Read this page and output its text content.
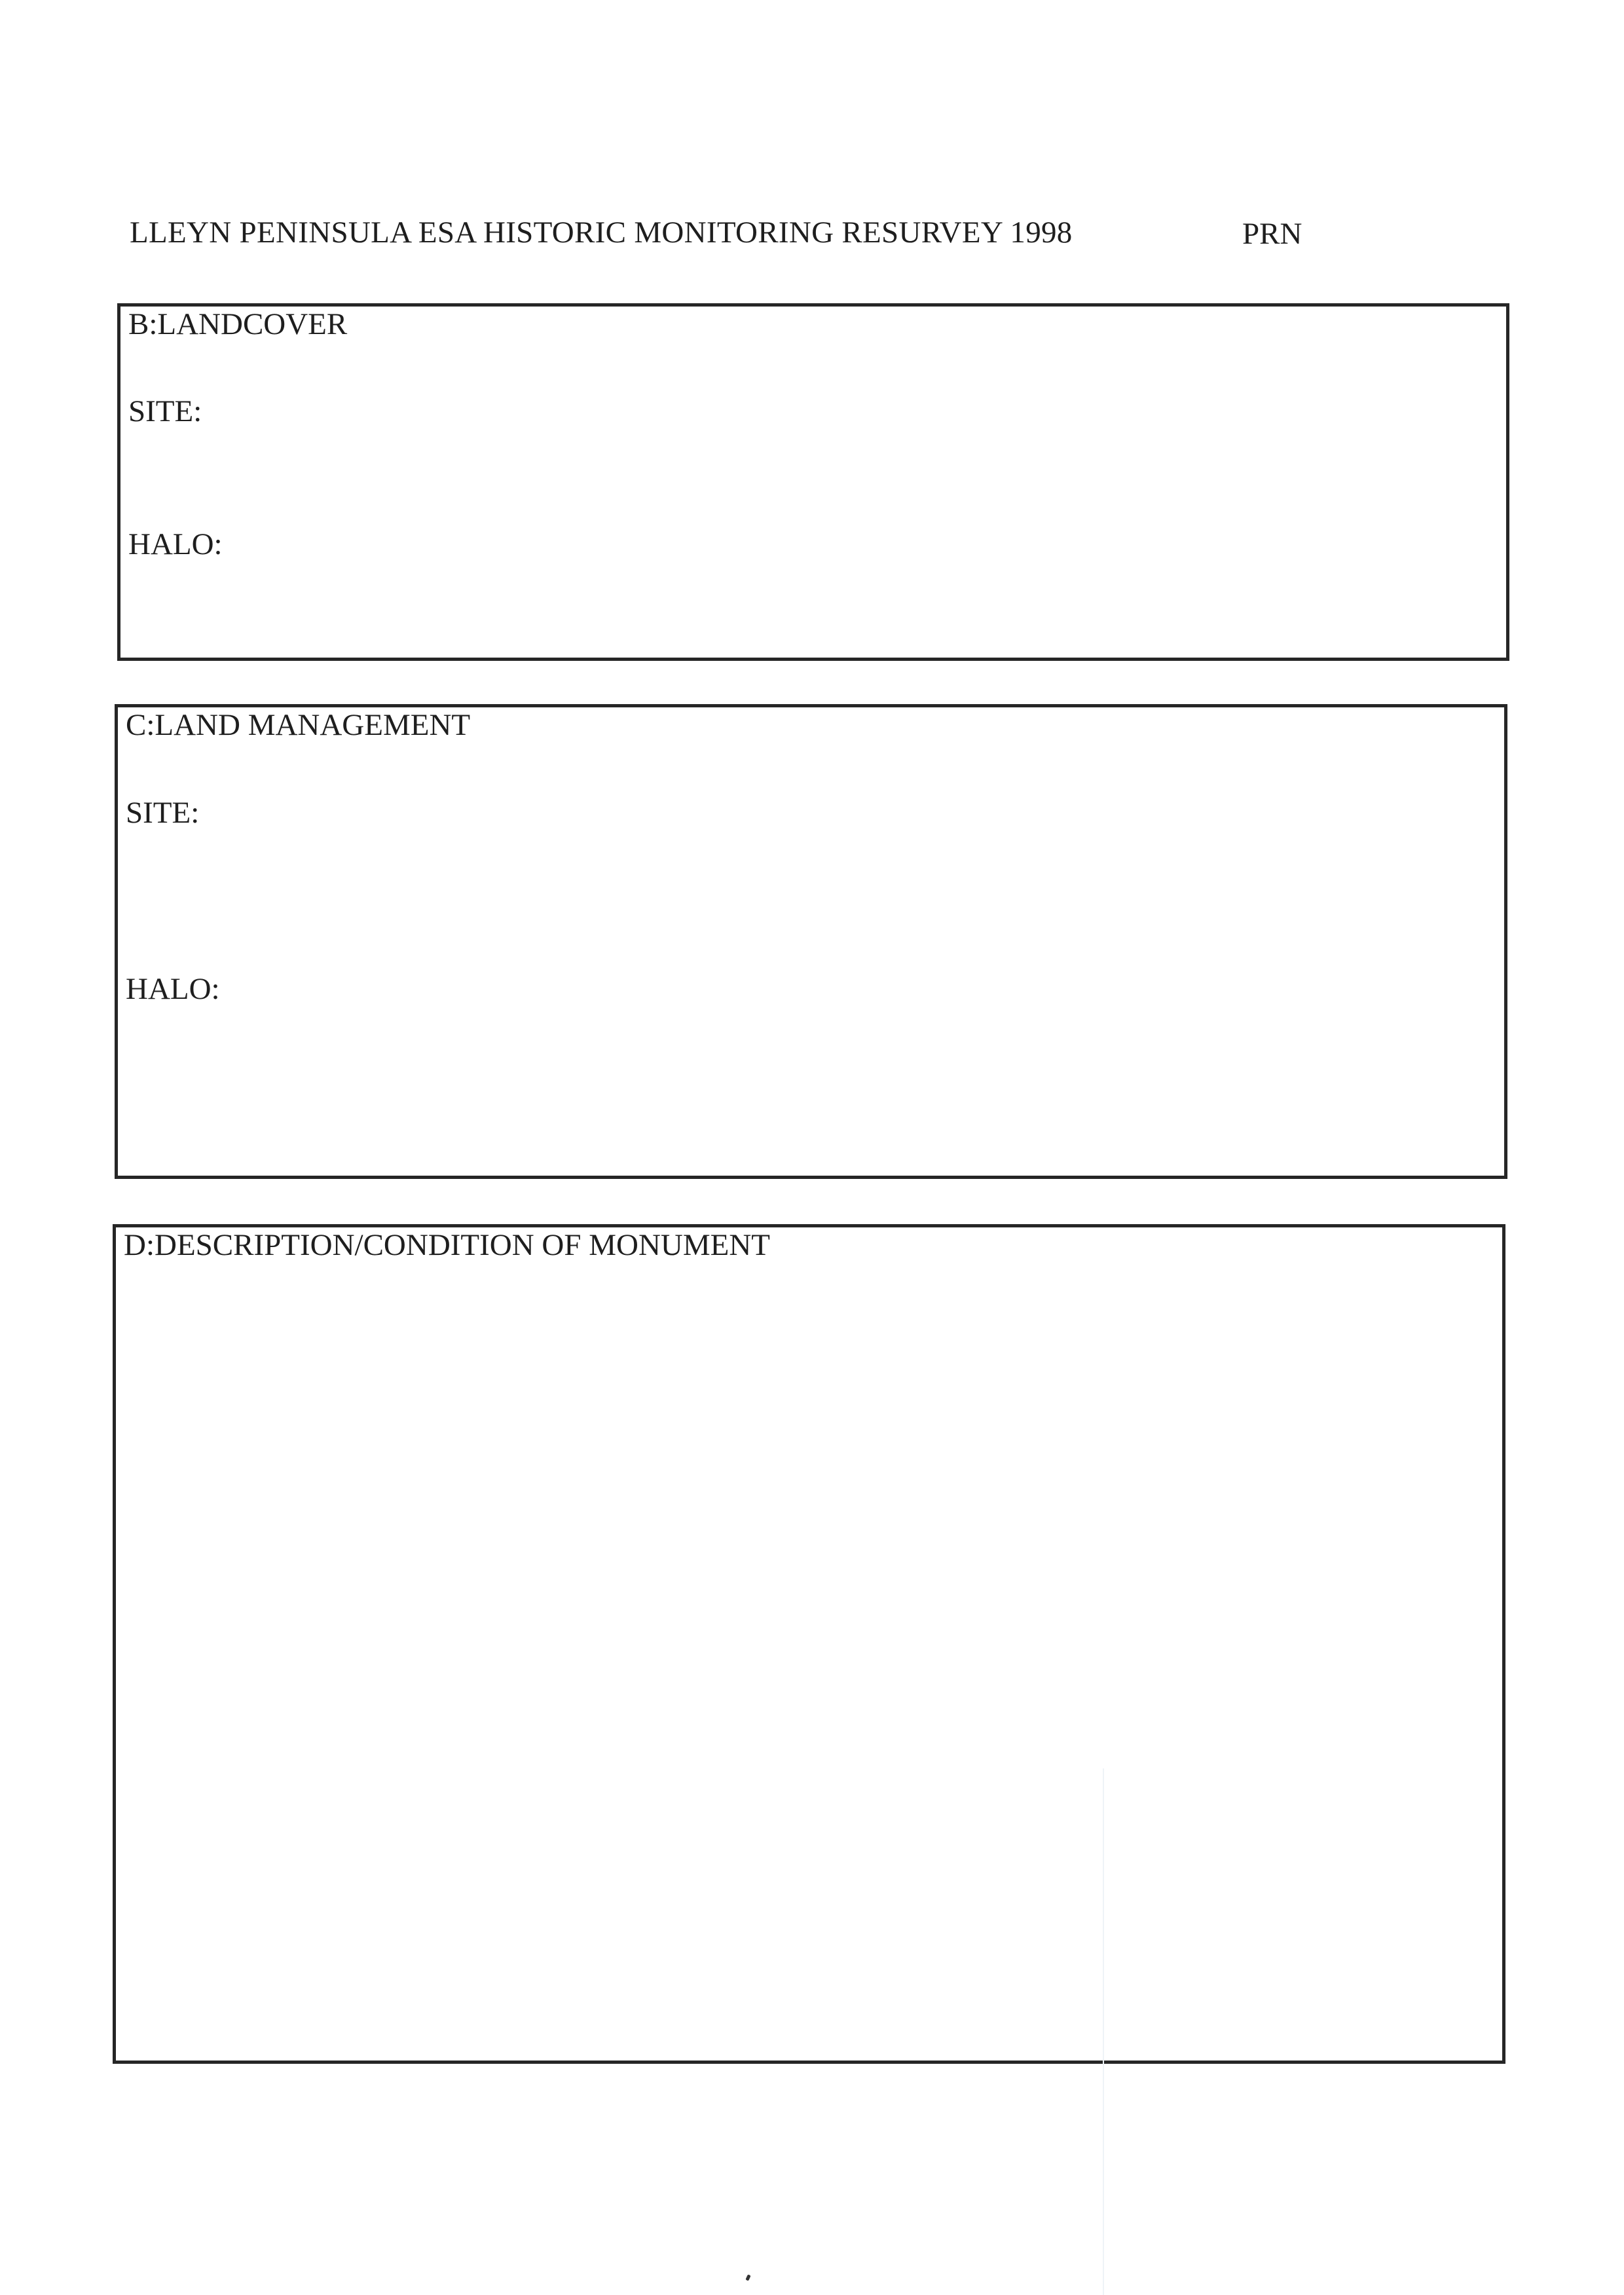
LLEYN PENINSULA ESA HISTORIC MONITORING RESURVEY 1998	PRN
B:LANDCOVER
SITE:
HALO:
C:LAND MANAGEMENT
SITE:
HALO:
D:DESCRIPTION/CONDITION OF MONUMENT
